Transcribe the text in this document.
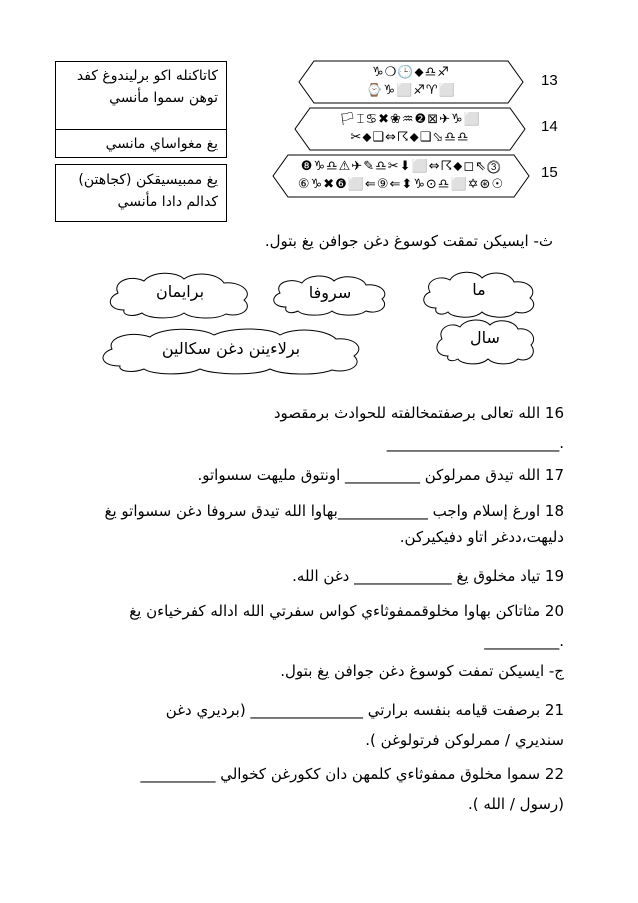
كاتاكنله اكو برليندوغ كفد
توهن سموا مأنسي
يغ مغواساي مانسي
يغ ممبيسيقكن (كجاهتن)
كدالم دادا مأنسي
♑❍🕒⬥♎♐
⌚♑⬜♐♈⬜
13
🏳⌶♋✖❀♒❷⊠✈♑⬜
✂⬥❑⇔☈⬥❑⬂♎♎
14
❽♑♎⚠✈✎♎✂⬇⬜⇔☈⬥◻⇖⓷
⑥♑✖❻⬜⇐⑨⇐⬍♑⊙♎⬜✡⊛☉
15
ث- ايسيكن تمقت كوسوغ دغن جوافن يغ بتول.
ما
سروفا
برايمان
سال
برلاءينن دغن سكالين
16 الله تعالى برصفتمخالفته للحوادث برمقصود
._______________________
17 الله تيدق ممرلوكن __________ اونتوق مليهت سسواتو.
18 اورغ إسلام واجب ____________بهاوا الله تيدق سروفا دغن سسواتو يغ
دليهت،ددغر اتاو دفيكيركن.
19 تياد مخلوق يغ _____________ دغن الله.
20 مثاتاكن بهاوا مخلوقممفوثاءي كواس سفرتي الله اداله كفرخياءن يغ
.__________
ج- ايسيكن تمفت كوسوغ دغن جوافن يغ بتول.
21 برصفت قيامه بنفسه برارتي _______________ (برديري دغن
سنديري / ممرلوكن فرتولوغن ).
22 سموا مخلوق ممفوثاءي كلمهن دان ككورغن كخوالي __________
(رسول / الله ).
